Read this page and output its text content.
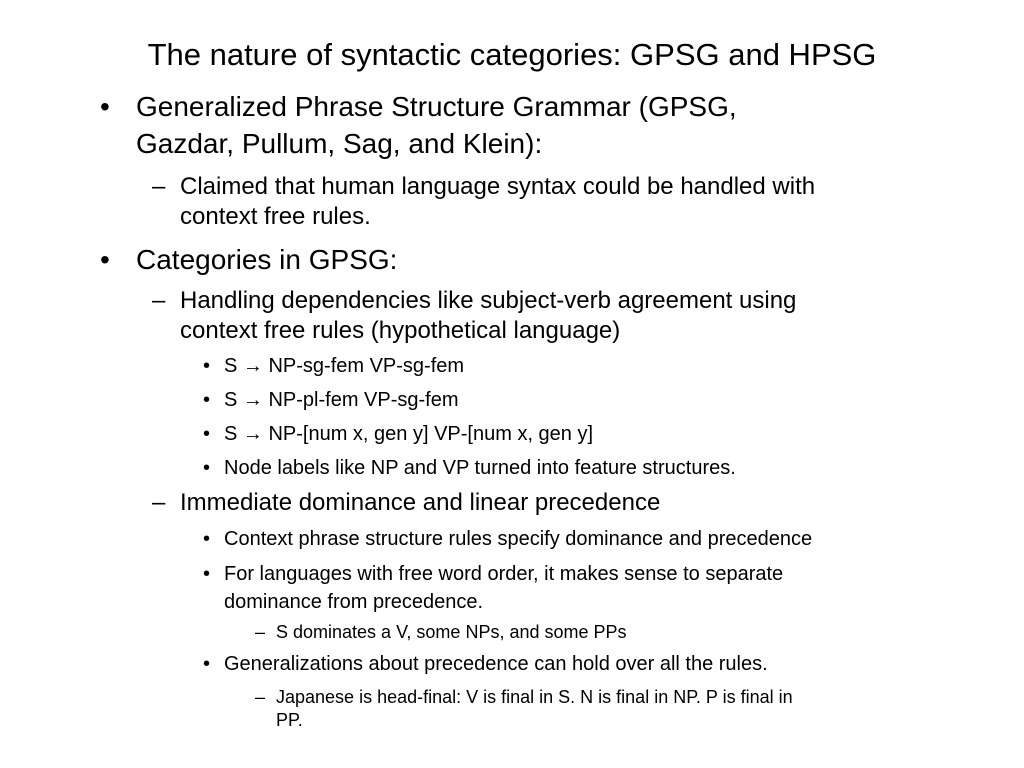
The nature of syntactic categories: GPSG and HPSG
• Generalized Phrase Structure Grammar (GPSG,
Gazdar, Pullum, Sag, and Klein):
– Claimed that human language syntax could be handled with
context free rules.
• Categories in GPSG:
– Handling dependencies like subject-verb agreement using
context free rules (hypothetical language)
• S → NP-sg-fem VP-sg-fem
• S → NP-pl-fem VP-sg-fem
• S → NP-[num x, gen y] VP-[num x, gen y]
• Node labels like NP and VP turned into feature structures.
– Immediate dominance and linear precedence
• Context phrase structure rules specify dominance and precedence
• For languages with free word order, it makes sense to separate
dominance from precedence.
– S dominates a V, some NPs, and some PPs
• Generalizations about precedence can hold over all the rules.
– Japanese is head-final: V is final in S. N is final in NP. P is final in
PP.
